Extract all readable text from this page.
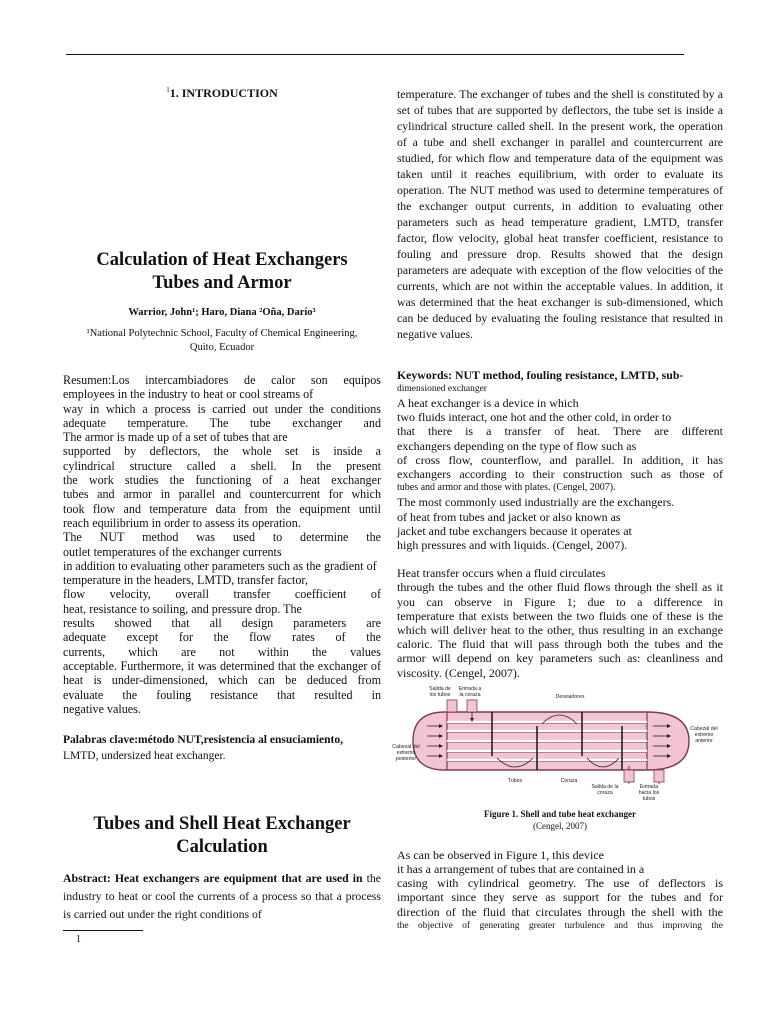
$^1$1. INTRODUCTION

Calculation of Heat Exchangers
Tubes and Armor

Warrior, John¹; Haro, Diana ²Oña, Darío³

¹National Polytechnic School, Faculty of Chemical Engineering,
Quito, Ecuador

Resumen:Los intercambiadores de calor son equipos
employees in the industry to heat or cool streams of
way in which a process is carried out under the conditions
adequate temperature. The tube exchanger and
The armor is made up of a set of tubes that are
supported by deflectors, the whole set is inside a
cylindrical structure called a shell. In the present
the work studies the functioning of a heat exchanger
tubes and armor in parallel and countercurrent for which
took flow and temperature data from the equipment until
reach equilibrium in order to assess its operation.
The NUT method was used to determine the
outlet temperatures of the exchanger currents
in addition to evaluating other parameters such as the gradient of
temperature in the headers, LMTD, transfer factor,
flow velocity, overall transfer coefficient of
heat, resistance to soiling, and pressure drop. The
results showed that all design parameters are
adequate except for the flow rates of the
currents, which are not within the values
acceptable. Furthermore, it was determined that the exchanger of
heat is under-dimensioned, which can be deduced from
evaluate the fouling resistance that resulted in
negative values.

Palabras clave:método NUT,resistencia al ensuciamiento,
LMTD, undersized heat exchanger.

Tubes and Shell Heat Exchanger
Calculation

Abstract: Heat exchangers are equipment that are used in the industry to heat or cool the currents of a process so that a process is carried out under the right conditions of

1

temperature. The exchanger of tubes and the shell is constituted by a set of tubes that are supported by deflectors, the tube set is inside a cylindrical structure called shell. In the present work, the operation of a tube and shell exchanger in parallel and countercurrent are studied, for which flow and temperature data of the equipment was taken until it reaches equilibrium, with order to evaluate its operation. The NUT method was used to determine temperatures of the exchanger output currents, in addition to evaluating other parameters such as head temperature gradient, LMTD, transfer factor, flow velocity, global heat transfer coefficient, resistance to fouling and pressure drop. Results showed that the design parameters are adequate with exception of the flow velocities of the currents, which are not within the acceptable values. In addition, it was determined that the heat exchanger is sub-dimensioned, which can be deduced by evaluating the fouling resistance that resulted in negative values.

Keywords: NUT method, fouling resistance, LMTD, sub-
dimensioned exchanger

A heat exchanger is a device in which
two fluids interact, one hot and the other cold, in order to
that there is a transfer of heat. There are different
exchangers depending on the type of flow such as
of cross flow, counterflow, and parallel. In addition, it has
exchangers according to their construction such as those of
tubes and armor and those with plates. (Cengel, 2007).
The most commonly used industrially are the exchangers.
of heat from tubes and jacket or also known as
jacket and tube exchangers because it operates at
high pressures and with liquids. (Cengel, 2007).
Heat transfer occurs when a fluid circulates
through the tubes and the other fluid flows through the shell as it
you can observe in Figure 1; due to a difference in
temperature that exists between the two fluids one of these is the
which will deliver heat to the other, thus resulting in an exchange
caloric. The fluid that will pass through both the tubes and the
armor will depend on key parameters such as: cleanliness and
viscosity. (Cengel, 2007).
Salida de los tubos
Entrada a la coraza	Desviadores
Cabezal del extremo anterior
Cabezal del extremo posterior
Tubos	Coraza
Salida de la coraza
Entrada hacia los tubos

Figure 1. Shell and tube heat exchanger
(Cengel, 2007)

As can be observed in Figure 1, this device
it has a arrangement of tubes that are contained in a
casing with cylindrical geometry. The use of deflectors is
important since they serve as support for the tubes and for
direction of the fluid that circulates through the shell with the
the objective of generating greater turbulence and thus improving the
